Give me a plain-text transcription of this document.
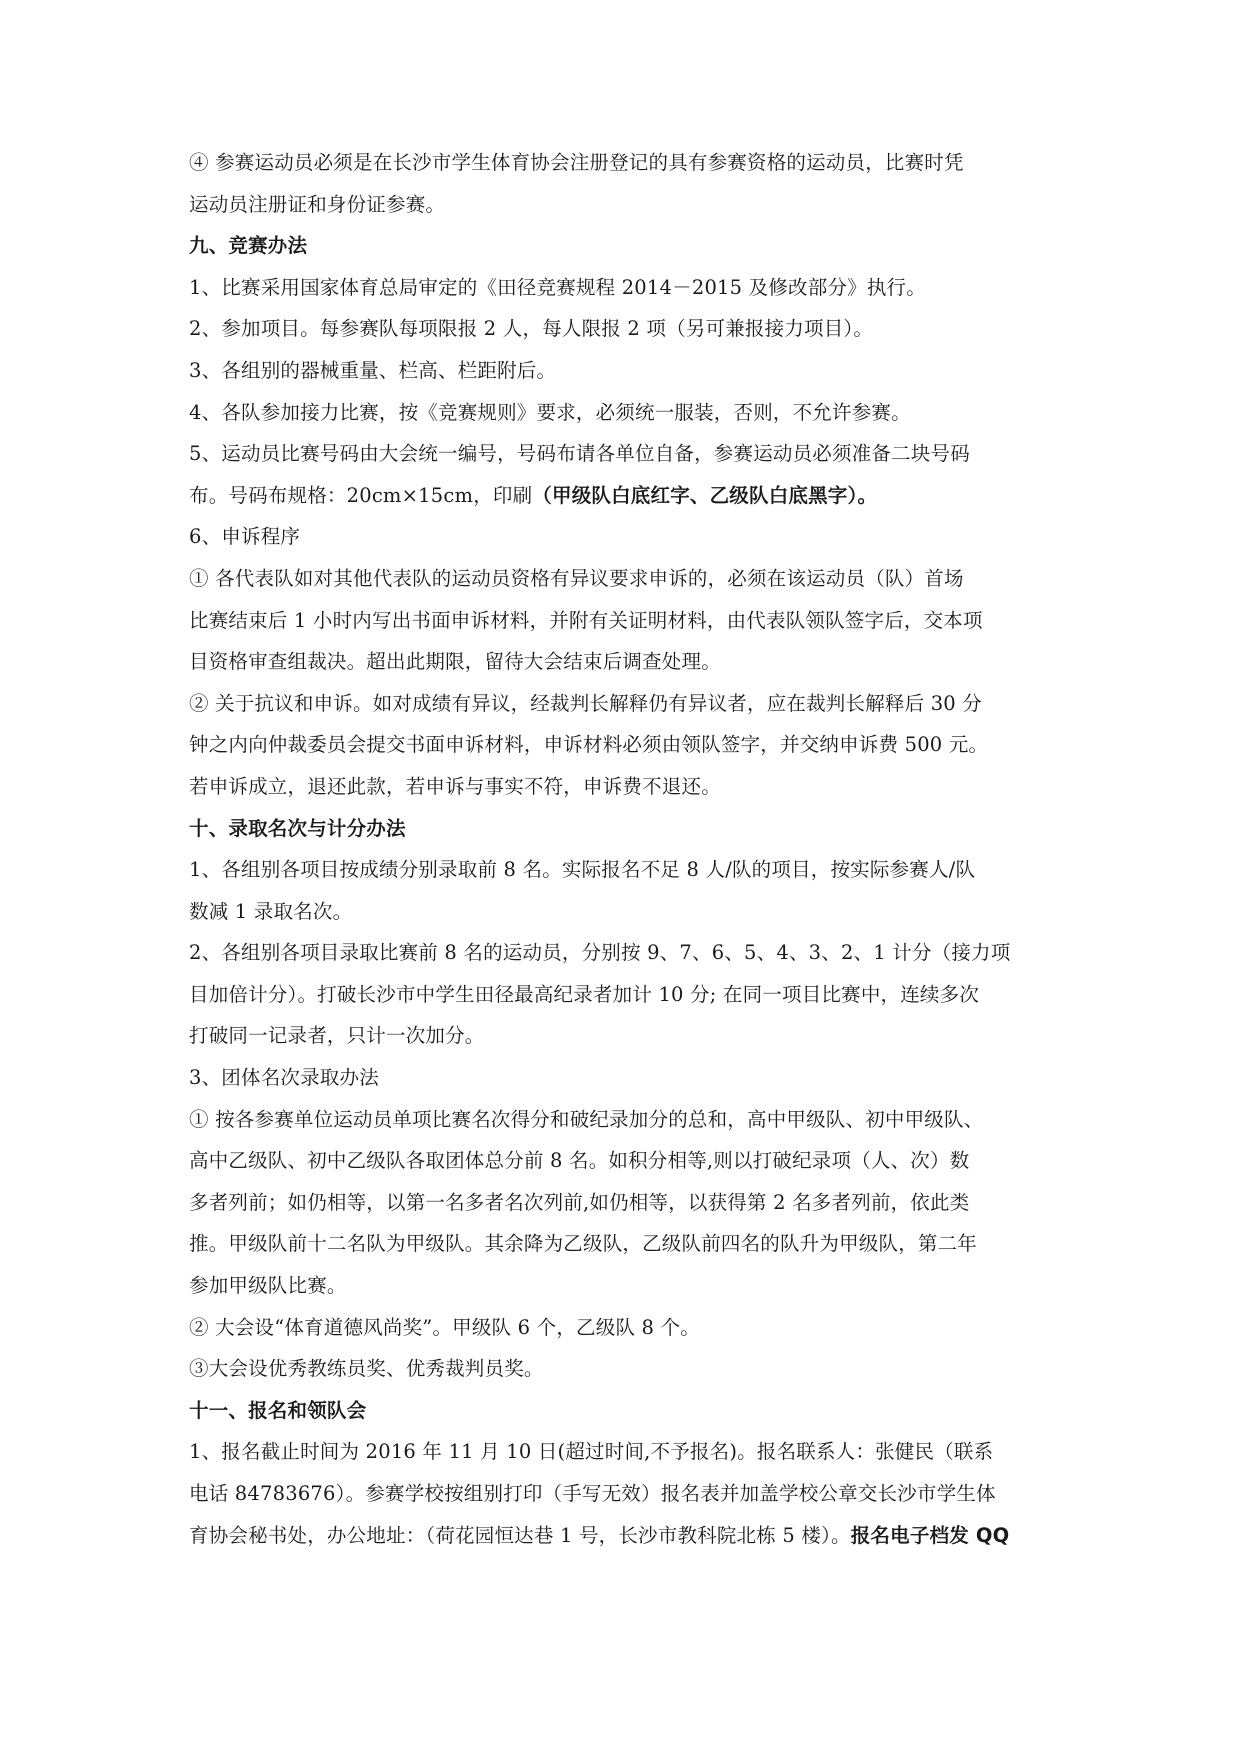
④ 参赛运动员必须是在长沙市学生体育协会注册登记的具有参赛资格的运动员，比赛时凭
运动员注册证和身份证参赛。
九、竞赛办法
1、比赛采用国家体育总局审定的《田径竞赛规程 2014－2015 及修改部分》执行。
2、参加项目。每参赛队每项限报 2 人，每人限报 2 项（另可兼报接力项目）。
3、各组别的器械重量、栏高、栏距附后。
4、各队参加接力比赛，按《竞赛规则》要求，必须统一服装，否则，不允许参赛。
5、运动员比赛号码由大会统一编号，号码布请各单位自备，参赛运动员必须准备二块号码
布。号码布规格：20cm×15cm，印刷（甲级队白底红字、乙级队白底黑字）。
6、申诉程序
① 各代表队如对其他代表队的运动员资格有异议要求申诉的，必须在该运动员（队）首场
比赛结束后 1 小时内写出书面申诉材料，并附有关证明材料，由代表队领队签字后，交本项
目资格审查组裁决。超出此期限，留待大会结束后调查处理。
② 关于抗议和申诉。如对成绩有异议，经裁判长解释仍有异议者，应在裁判长解释后 30 分
钟之内向仲裁委员会提交书面申诉材料，申诉材料必须由领队签字，并交纳申诉费 500 元。
若申诉成立，退还此款，若申诉与事实不符，申诉费不退还。
十、录取名次与计分办法
1、各组别各项目按成绩分别录取前 8 名。实际报名不足 8 人/队的项目，按实际参赛人/队
数减 1 录取名次。
2、各组别各项目录取比赛前 8 名的运动员，分别按 9、7、6、5、4、3、2、1 计分（接力项
目加倍计分）。打破长沙市中学生田径最高纪录者加计 10 分; 在同一项目比赛中，连续多次
打破同一记录者，只计一次加分。
3、团体名次录取办法
① 按各参赛单位运动员单项比赛名次得分和破纪录加分的总和，高中甲级队、初中甲级队、
高中乙级队、初中乙级队各取团体总分前 8 名。如积分相等,则以打破纪录项（人、次）数
多者列前；如仍相等，以第一名多者名次列前,如仍相等，以获得第 2 名多者列前，依此类
推。甲级队前十二名队为甲级队。其余降为乙级队，乙级队前四名的队升为甲级队，第二年
参加甲级队比赛。
② 大会设“体育道德风尚奖”。甲级队 6 个，乙级队 8 个。
③大会设优秀教练员奖、优秀裁判员奖。
十一、报名和领队会
1、报名截止时间为 2016 年 11 月 10 日(超过时间,不予报名)。报名联系人：张健民（联系
电话 84783676）。参赛学校按组别打印（手写无效）报名表并加盖学校公章交长沙市学生体
育协会秘书处，办公地址：（荷花园恒达巷 1 号，长沙市教科院北栋 5 楼）。报名电子档发 QQ
